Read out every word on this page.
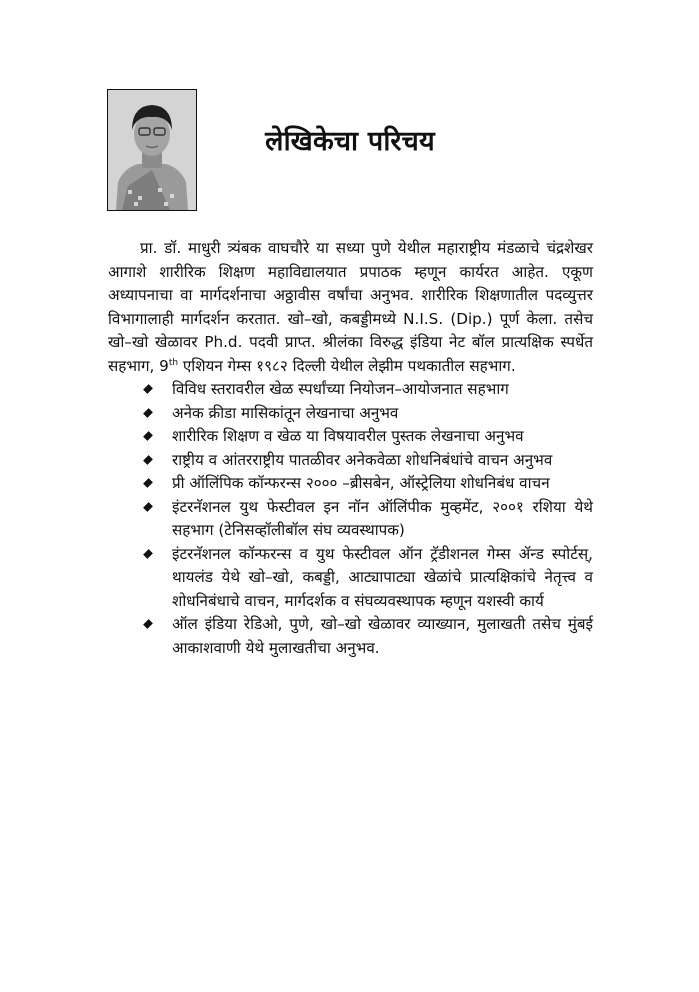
लेखिकेचा परिचय

प्रा. डॉ. माधुरी त्र्यंबक वाघचौरे या सध्या पुणे येथील महाराष्ट्रीय मंडळाचे चंद्रशेखर आगाशे शारीरिक शिक्षण महाविद्यालयात प्रपाठक म्हणून कार्यरत आहेत. एकूण अध्यापनाचा वा मार्गदर्शनाचा अठ्ठावीस वर्षांचा अनुभव. शारीरिक शिक्षणातील पदव्युत्तर विभागालाही मार्गदर्शन करतात. खो–खो, कबड्डीमध्ये N.I.S. (Dip.) पूर्ण केला. तसेच खो–खो खेळावर Ph.d. पदवी प्राप्त. श्रीलंका विरुद्ध इंडिया नेट बॉल प्रात्यक्षिक स्पर्धेत सहभाग, 9th एशियन गेम्स १९८२ दिल्ली येथील लेझीम पथकातील सहभाग.

विविध स्तरावरील खेळ स्पर्धांच्या नियोजन–आयोजनात सहभाग
अनेक क्रीडा मासिकांतून लेखनाचा अनुभव
शारीरिक शिक्षण व खेळ या विषयावरील पुस्तक लेखनाचा अनुभव
राष्ट्रीय व आंतरराष्ट्रीय पातळीवर अनेकवेळा शोधनिबंधांचे वाचन अनुभव
प्री ऑलिंपिक कॉन्फरन्स २००० –ब्रीसबेन, ऑस्ट्रेलिया शोधनिबंध वाचन
इंटरनॅशनल युथ फेस्टीवल इन नॉन ऑलिंपीक मुव्हमेंट, २००१ रशिया येथे सहभाग (टेनिसव्हॉलीबॉल संघ व्यवस्थापक)
इंटरनॅशनल कॉन्फरन्स व युथ फेस्टीवल ऑन ट्रॅडीशनल गेम्स ॲन्ड स्पोर्टस्, थायलंड येथे खो–खो, कबड्डी, आट्यापाट्या खेळांचे प्रात्यक्षिकांचे नेतृत्त्व व शोधनिबंधाचे वाचन, मार्गदर्शक व संघव्यवस्थापक म्हणून यशस्वी कार्य
ऑल इंडिया रेडिओ, पुणे, खो–खो खेळावर व्याख्यान, मुलाखती तसेच मुंबई आकाशवाणी येथे मुलाखतीचा अनुभव.
